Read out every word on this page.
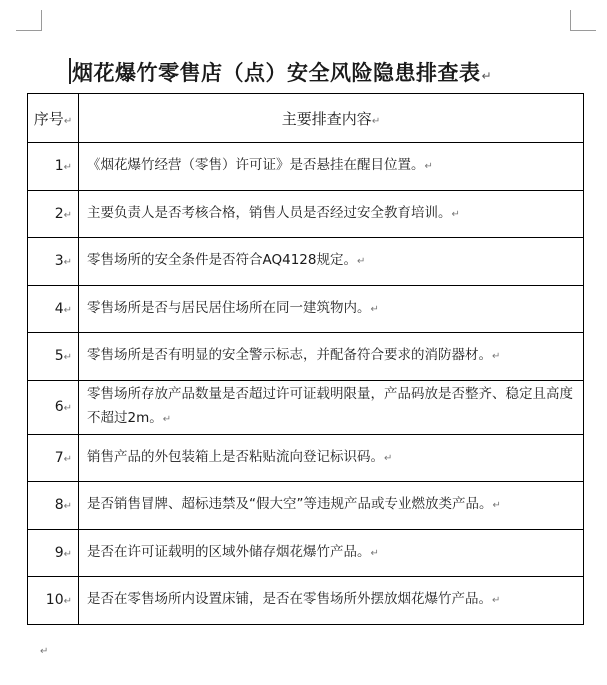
烟花爆竹零售店（点）安全风险隐患排查表↵
序号↵	主要排查内容↵
1↵	《烟花爆竹经营（零售）许可证》是否悬挂在醒目位置。↵
2↵	主要负责人是否考核合格，销售人员是否经过安全教育培训。↵
3↵	零售场所的安全条件是否符合AQ4128规定。↵
4↵	零售场所是否与居民居住场所在同一建筑物内。↵
5↵	零售场所是否有明显的安全警示标志，并配备符合要求的消防器材。↵
6↵	零售场所存放产品数量是否超过许可证载明限量，产品码放是否整齐、稳定且高度不超过2m。↵
7↵	销售产品的外包装箱上是否粘贴流向登记标识码。↵
8↵	是否销售冒牌、超标违禁及“假大空”等违规产品或专业燃放类产品。↵
9↵	是否在许可证载明的区域外储存烟花爆竹产品。↵
10↵	是否在零售场所内设置床铺，是否在零售场所外摆放烟花爆竹产品。↵
↵
